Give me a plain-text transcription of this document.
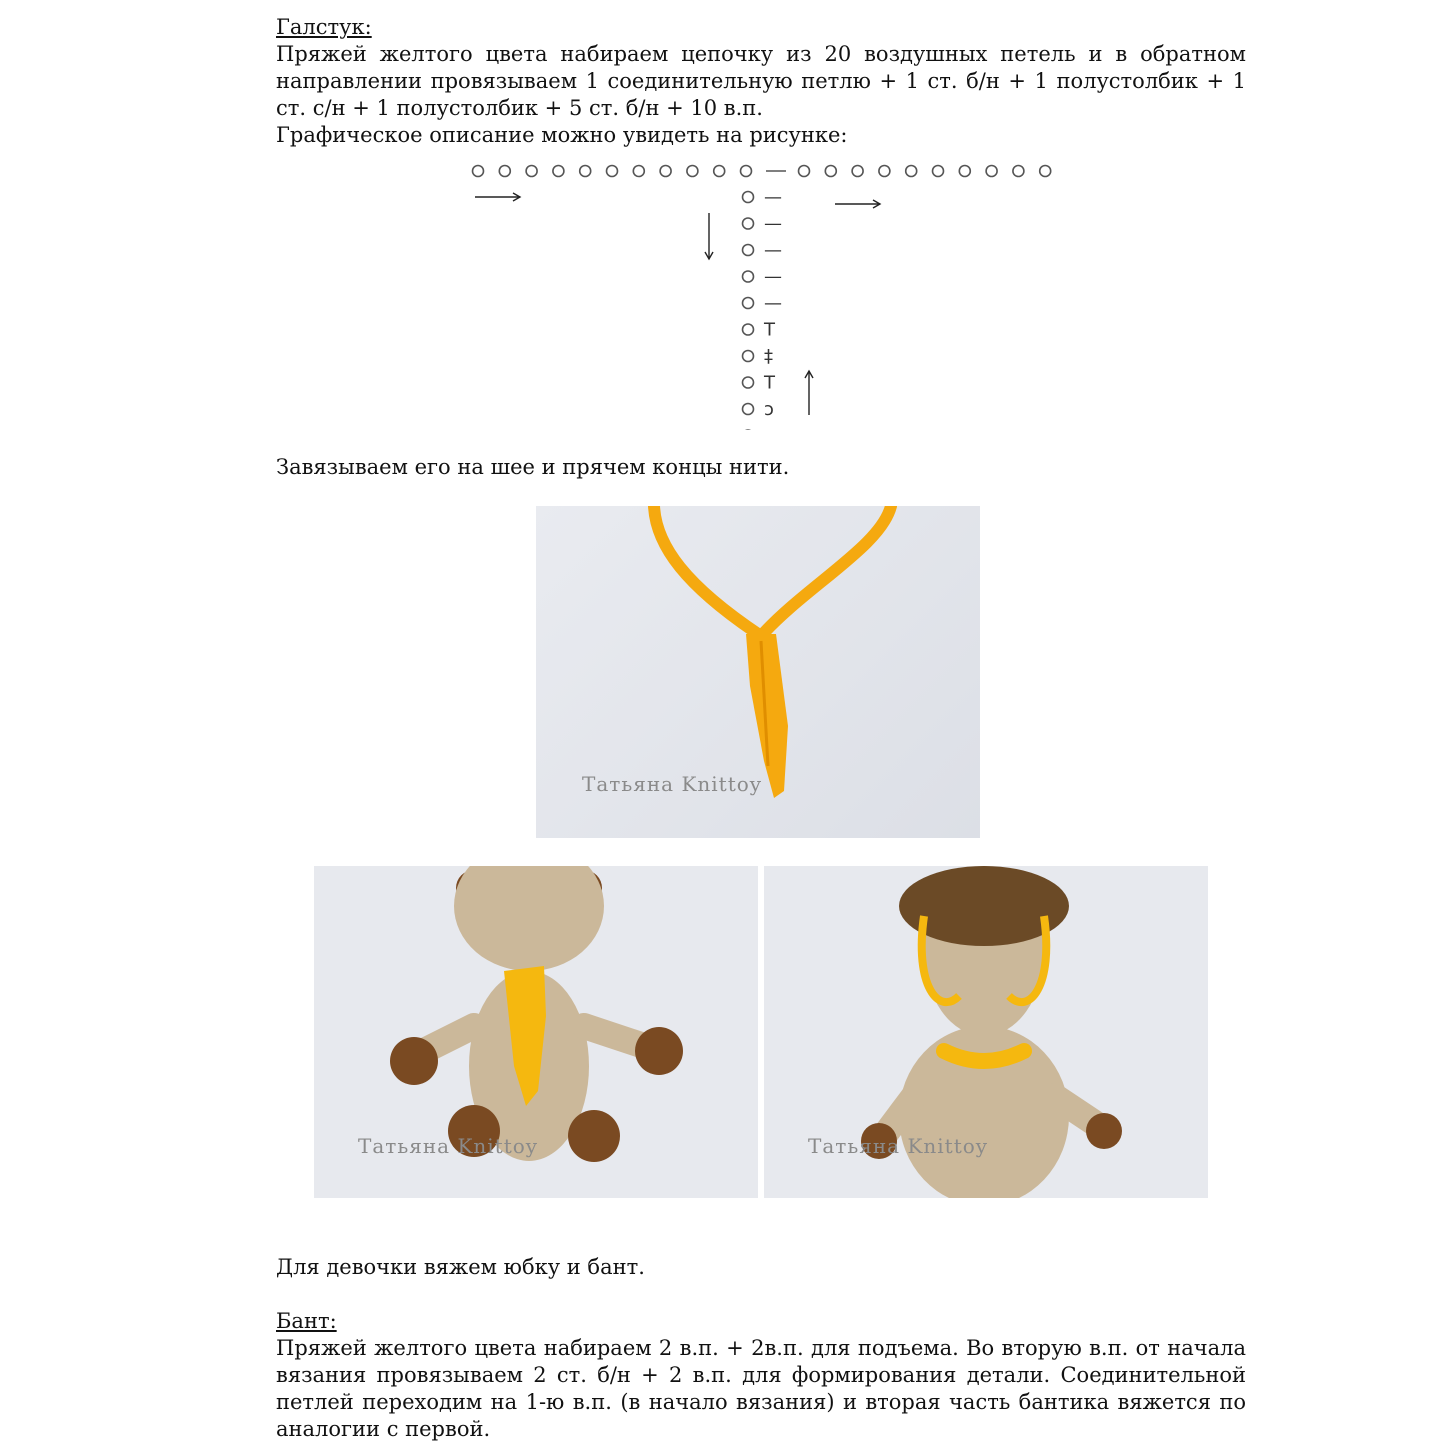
Галстук:

Пряжей желтого цвета набираем цепочку из 20 воздушных петель и в обратном направлении провязываем 1 соединительную петлю + 1 ст. б/н + 1 полустолбик + 1 ст. с/н + 1 полустолбик + 5 ст. б/н + 10 в.п.

Графическое описание можно увидеть на рисунке:

—
—
—
—
—
T
‡
T
ɔ

Завязываем его на шее и прячем концы нити.

Татьяна Knittoy
Татьяна Knittoy	Татьяна Knittoy

Для девочки вяжем юбку и бант.

Бант:

Пряжей желтого цвета набираем 2 в.п. + 2в.п. для подъема. Во вторую в.п. от начала вязания провязываем 2 ст. б/н + 2 в.п. для формирования детали. Соединительной петлей переходим на 1-ю в.п. (в начало вязания) и вторая часть бантика вяжется по аналогии с первой.
